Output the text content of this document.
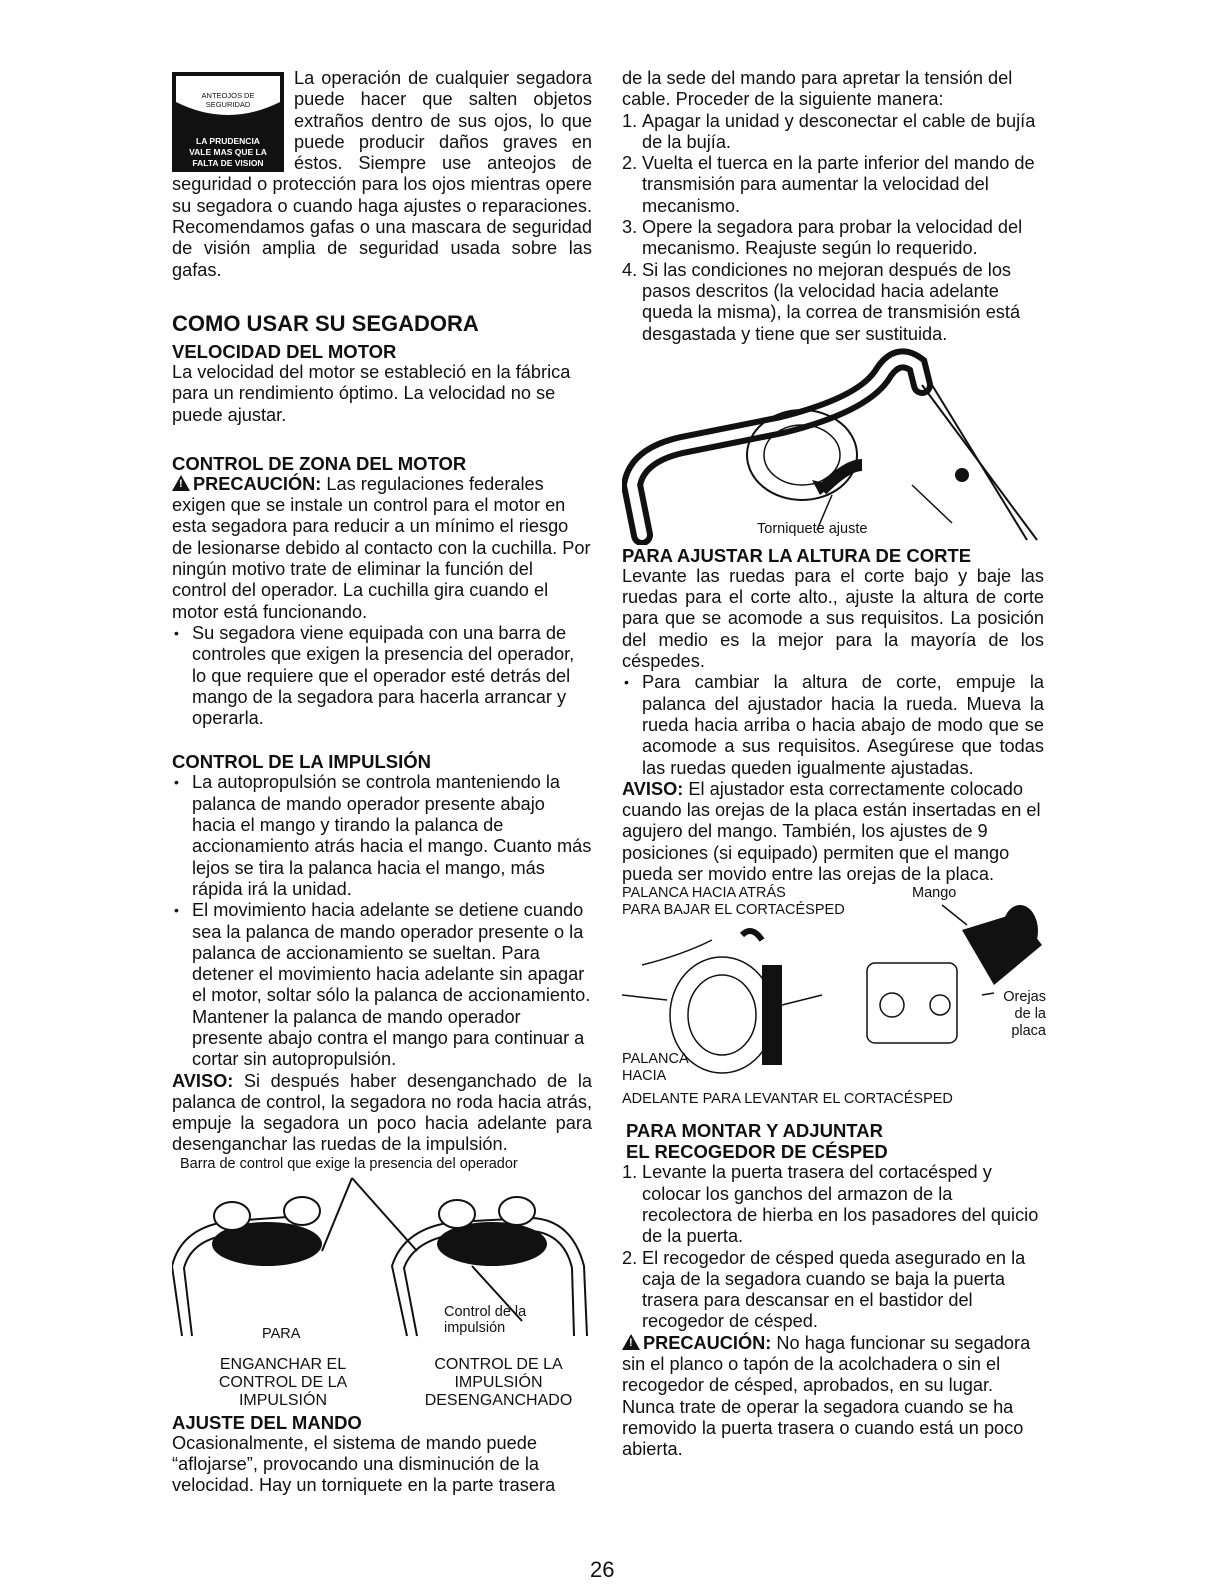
USE SUS
ANTEOJOS DE
SEGURIDAD
LA PRUDENCIA
VALE MAS QUE LA
FALTA DE VISION

La operación de cualquier segadora puede hacer que salten objetos extraños dentro de sus ojos, lo que puede producir daños graves en éstos. Siempre use anteojos de seguridad o protección para los ojos mientras opere su segadora o cuando haga ajustes o reparaciones. Recomendamos gafas o una mascara de seguridad de visión amplia de seguridad usada sobre las gafas.

COMO USAR SU SEGADORA
VELOCIDAD DEL MOTOR

La velocidad del motor se estableció en la fábrica para un rendimiento óptimo. La velocidad no se puede ajustar.

CONTROL DE ZONA DEL MOTOR

!PRECAUCIÓN: Las regulaciones federales exigen que se instale un control para el motor en esta segadora para reducir a un mínimo el riesgo de lesionarse debido al contacto con la cuchilla. Por ningún motivo trate de eliminar la función del control del operador. La cuchilla gira cuando el motor está funcionando.

• Su segadora viene equipada con una barra de controles que exigen la presencia del operador, lo que requiere que el operador esté detrás del mango de la segadora para hacerla arrancar y operarla.
CONTROL DE LA IMPULSIÓN
• La autopropulsión se controla manteniendo la palanca de mando operador presente abajo hacia el mango y tirando la palanca de accionamiento atrás hacia el mango. Cuanto más lejos se tira la palanca hacia el mango, más rápida irá la unidad.
• El movimiento hacia adelante se detiene cuando sea la palanca de mando operador presente o la palanca de accionamiento se sueltan. Para detener el movimiento hacia adelante sin apagar el motor, soltar sólo la palanca de accionamiento. Mantener la palanca de mando operador presente abajo contra el mango para continuar a cortar sin autopropulsión.

AVISO: Si después haber desenganchado de la palanca de control, la segadora no roda hacia atrás, empuje la segadora un poco hacia adelante para desenganchar las ruedas de la impulsión.

Barra de control que exige la presencia del operador
PARA
Control de la impulsión
ENGANCHAR EL CONTROL DE LA IMPULSIÓN
CONTROL DE LA IMPULSIÓN DESENGANCHADO
AJUSTE DEL MANDO

Ocasionalmente, el sistema de mando puede “aflojarse”, provocando una disminución de la velocidad. Hay un torniquete en la parte trasera

26

de la sede del mando para apretar la tensión del cable. Proceder de la siguiente manera:

1. Apagar la unidad y desconectar el cable de bujía de la bujía.
2. Vuelta el tuerca en la parte inferior del mando de transmisión para aumentar la velocidad del mecanismo.
3. Opere la segadora para probar la velocidad del mecanismo. Reajuste según lo requerido.
4. Si las condiciones no mejoran después de los pasos descritos (la velocidad hacia adelante queda la misma), la correa de transmisión está desgastada y tiene que ser sustituida.
Torniquete ajuste
PARA AJUSTAR LA ALTURA DE CORTE

Levante las ruedas para el corte bajo y baje las ruedas para el corte alto., ajuste la altura de corte para que se acomode a sus requisitos. La posición del medio es la mejor para la mayoría de los céspedes.

• Para cambiar la altura de corte, empuje la palanca del ajustador hacia la rueda. Mueva la rueda hacia arriba o hacia abajo de modo que se acomode a sus requisitos. Asegúrese que todas las ruedas queden igualmente ajustadas.

AVISO: El ajustador esta correctamente colocado cuando las orejas de la placa están insertadas en el agujero del mango. También, los ajustes de 9 posiciones (si equipado) permiten que el mango pueda ser movido entre las orejas de la placa.

PALANCA HACIA ATRÁS
PARA BAJAR EL CORTACÉSPED
Mango
Orejas de la placa
PALANCA
HACIA
ADELANTE PARA LEVANTAR EL CORTACÉSPED
PARA MONTAR Y ADJUNTAR
EL RECOGEDOR DE CÉSPED
1. Levante la puerta trasera del cortacésped y colocar los ganchos del armazon de la recolectora de hierba en los pasadores del quicio de la puerta.
2. El recogedor de césped queda asegurado en la caja de la segadora cuando se baja la puerta trasera para descansar en el bastidor del recogedor de césped.

!PRECAUCIÓN: No haga funcionar su segadora sin el planco o tapón de la acolchadera o sin el recogedor de césped, aprobados, en su lugar. Nunca trate de operar la segadora cuando se ha removido la puerta trasera o cuando está un poco abierta.
